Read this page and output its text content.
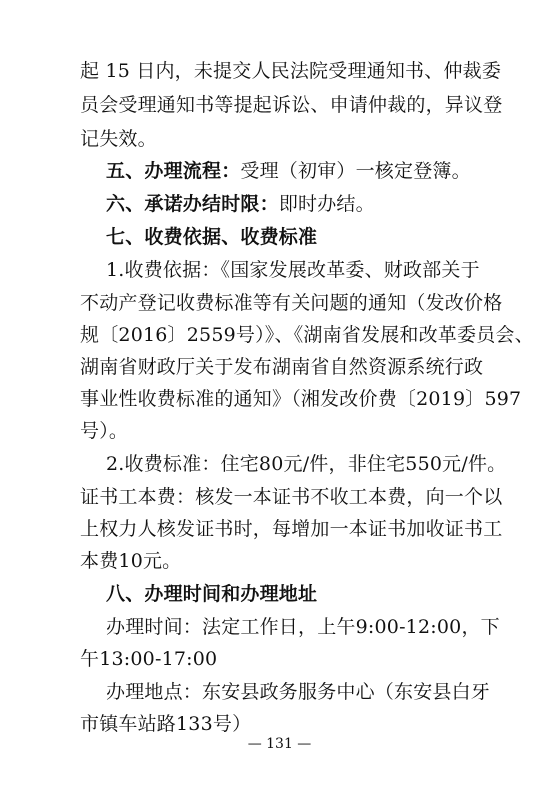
起 15 日内，未提交人民法院受理通知书、仲裁委
员会受理通知书等提起诉讼、申请仲裁的，异议登
记失效。
五、办理流程：受理（初审）一核定登簿。
六、承诺办结时限：即时办结。
七、收费依据、收费标准
1.收费依据：《国家发展改革委、财政部关于
不动产登记收费标准等有关问题的通知（发改价格
规〔2016〕2559号）》、《湖南省发展和改革委员会、
湖南省财政厅关于发布湖南省自然资源系统行政
事业性收费标准的通知》（湘发改价费〔2019〕597
号）。
2.收费标准：住宅80元/件，非住宅550元/件。
证书工本费：核发一本证书不收工本费，向一个以
上权力人核发证书时，每增加一本证书加收证书工
本费10元。
八、办理时间和办理地址
— 131 —
办理时间：法定工作日，上午9:00-12:00，下
午13:00-17:00
办理地点：东安县政务服务中心（东安县白牙
市镇车站路133号）
